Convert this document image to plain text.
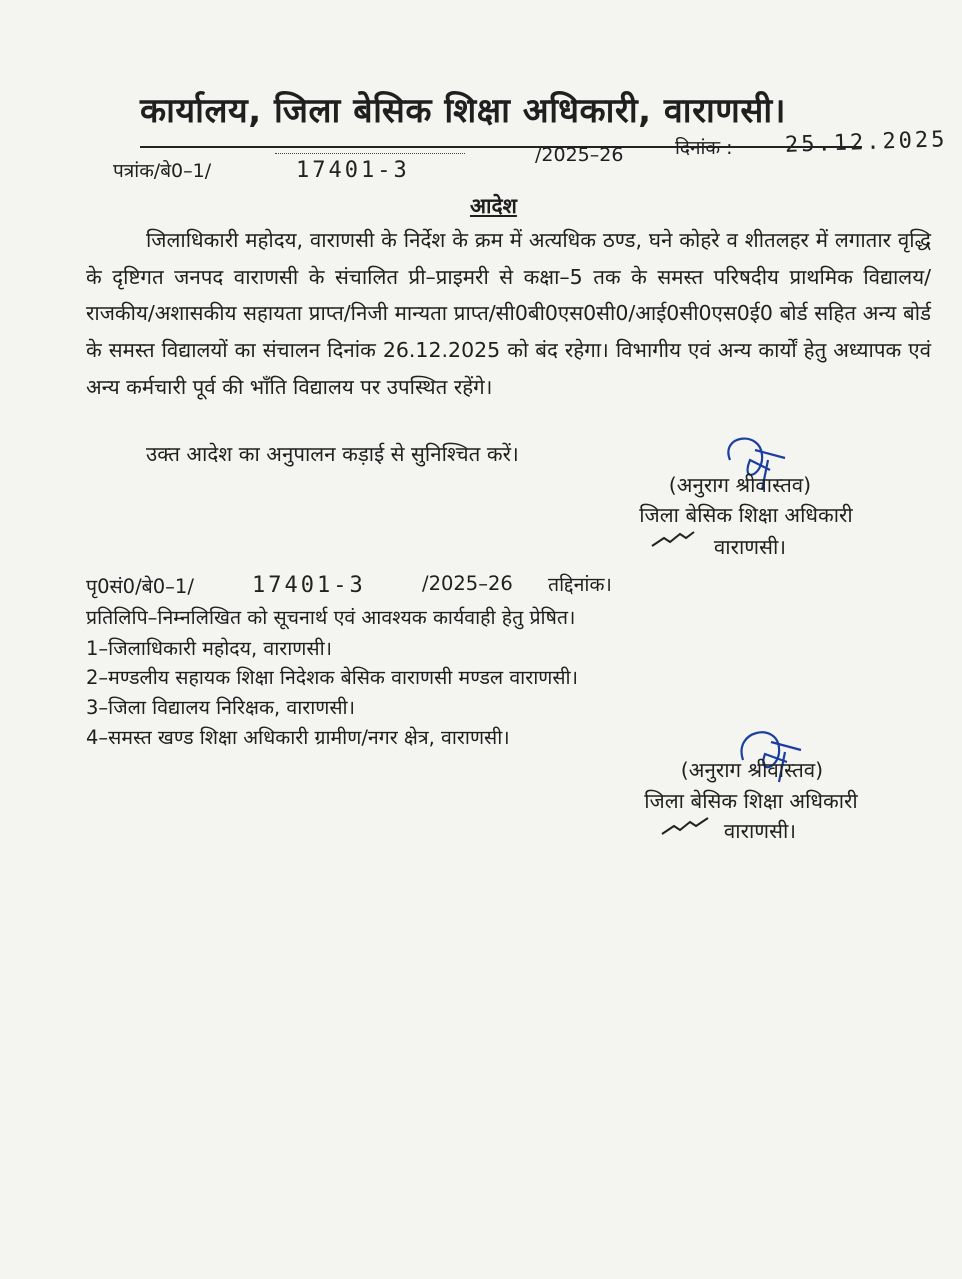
कार्यालय, जिला बेसिक शिक्षा अधिकारी, वाराणसी।
पत्रांक/बे0–1/	17401-3
/2025–26	दिनांक : 25.12.2025
आदेश

जिलाधिकारी महोदय, वाराणसी के निर्देश के क्रम में अत्यधिक ठण्ड, घने कोहरे व शीतलहर में लगातार वृद्धि के दृष्टिगत जनपद वाराणसी के संचालित प्री–प्राइमरी से कक्षा–5 तक के समस्त परिषदीय प्राथमिक विद्यालय/राजकीय/अशासकीय सहायता प्राप्त/निजी मान्यता प्राप्त/सी0बी0एस0सी0/आई0सी0एस0ई0 बोर्ड सहित अन्य बोर्ड के समस्त विद्यालयों का संचालन दिनांक 26.12.2025 को बंद रहेगा। विभागीय एवं अन्य कार्यों हेतु अध्यापक एवं अन्य कर्मचारी पूर्व की भाँति विद्यालय पर उपस्थित रहेंगे।

उक्त आदेश का अनुपालन कड़ाई से सुनिश्चित करें।
(अनुराग श्रीवास्तव)
जिला बेसिक शिक्षा अधिकारी
वाराणसी।
पृ0सं0/बे0–1/	17401-3	/2025–26 तद्दिनांक।
प्रतिलिपि–निम्नलिखित को सूचनार्थ एवं आवश्यक कार्यवाही हेतु प्रेषित।
1–जिलाधिकारी महोदय, वाराणसी।
2–मण्डलीय सहायक शिक्षा निदेशक बेसिक वाराणसी मण्डल वाराणसी।
3–जिला विद्यालय निरिक्षक, वाराणसी।
4–समस्त खण्ड शिक्षा अधिकारी ग्रामीण/नगर क्षेत्र, वाराणसी।
(अनुराग श्रीवास्तव)
जिला बेसिक शिक्षा अधिकारी
वाराणसी।
